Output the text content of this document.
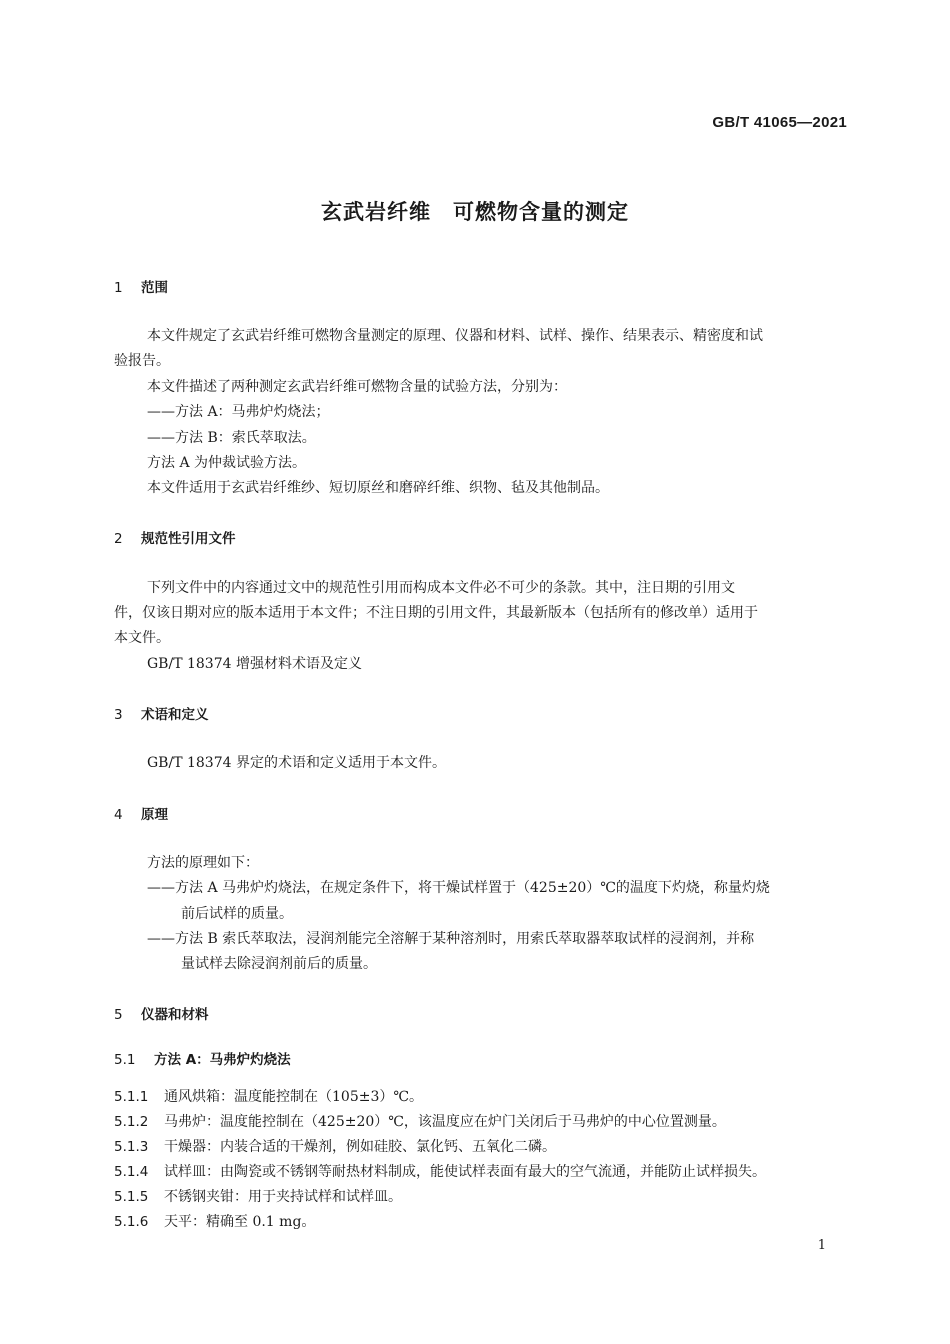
GB/T 41065—2021
玄武岩纤维　可燃物含量的测定
1 范围
本文件规定了玄武岩纤维可燃物含量测定的原理、仪器和材料、试样、操作、结果表示、精密度和试
验报告。
本文件描述了两种测定玄武岩纤维可燃物含量的试验方法，分别为：
——方法 A：马弗炉灼烧法；
——方法 B：索氏萃取法。
方法 A 为仲裁试验方法。
本文件适用于玄武岩纤维纱、短切原丝和磨碎纤维、织物、毡及其他制品。
2 规范性引用文件
下列文件中的内容通过文中的规范性引用而构成本文件必不可少的条款。其中，注日期的引用文
件，仅该日期对应的版本适用于本文件；不注日期的引用文件，其最新版本（包括所有的修改单）适用于
本文件。
GB/T 18374 增强材料术语及定义
3 术语和定义
GB/T 18374 界定的术语和定义适用于本文件。
4 原理
方法的原理如下：
——方法 A 马弗炉灼烧法，在规定条件下，将干燥试样置于（425±20）℃的温度下灼烧，称量灼烧
前后试样的质量。
——方法 B 索氏萃取法，浸润剂能完全溶解于某种溶剂时，用索氏萃取器萃取试样的浸润剂，并称
量试样去除浸润剂前后的质量。
5 仪器和材料
5.1 方法 A：马弗炉灼烧法
5.1.1 通风烘箱：温度能控制在（105±3）℃。
5.1.2 马弗炉：温度能控制在（425±20）℃，该温度应在炉门关闭后于马弗炉的中心位置测量。
5.1.3 干燥器：内装合适的干燥剂，例如硅胶、氯化钙、五氧化二磷。
5.1.4 试样皿：由陶瓷或不锈钢等耐热材料制成，能使试样表面有最大的空气流通，并能防止试样损失。
5.1.5 不锈钢夹钳：用于夹持试样和试样皿。
5.1.6 天平：精确至 0.1 mg。
1
